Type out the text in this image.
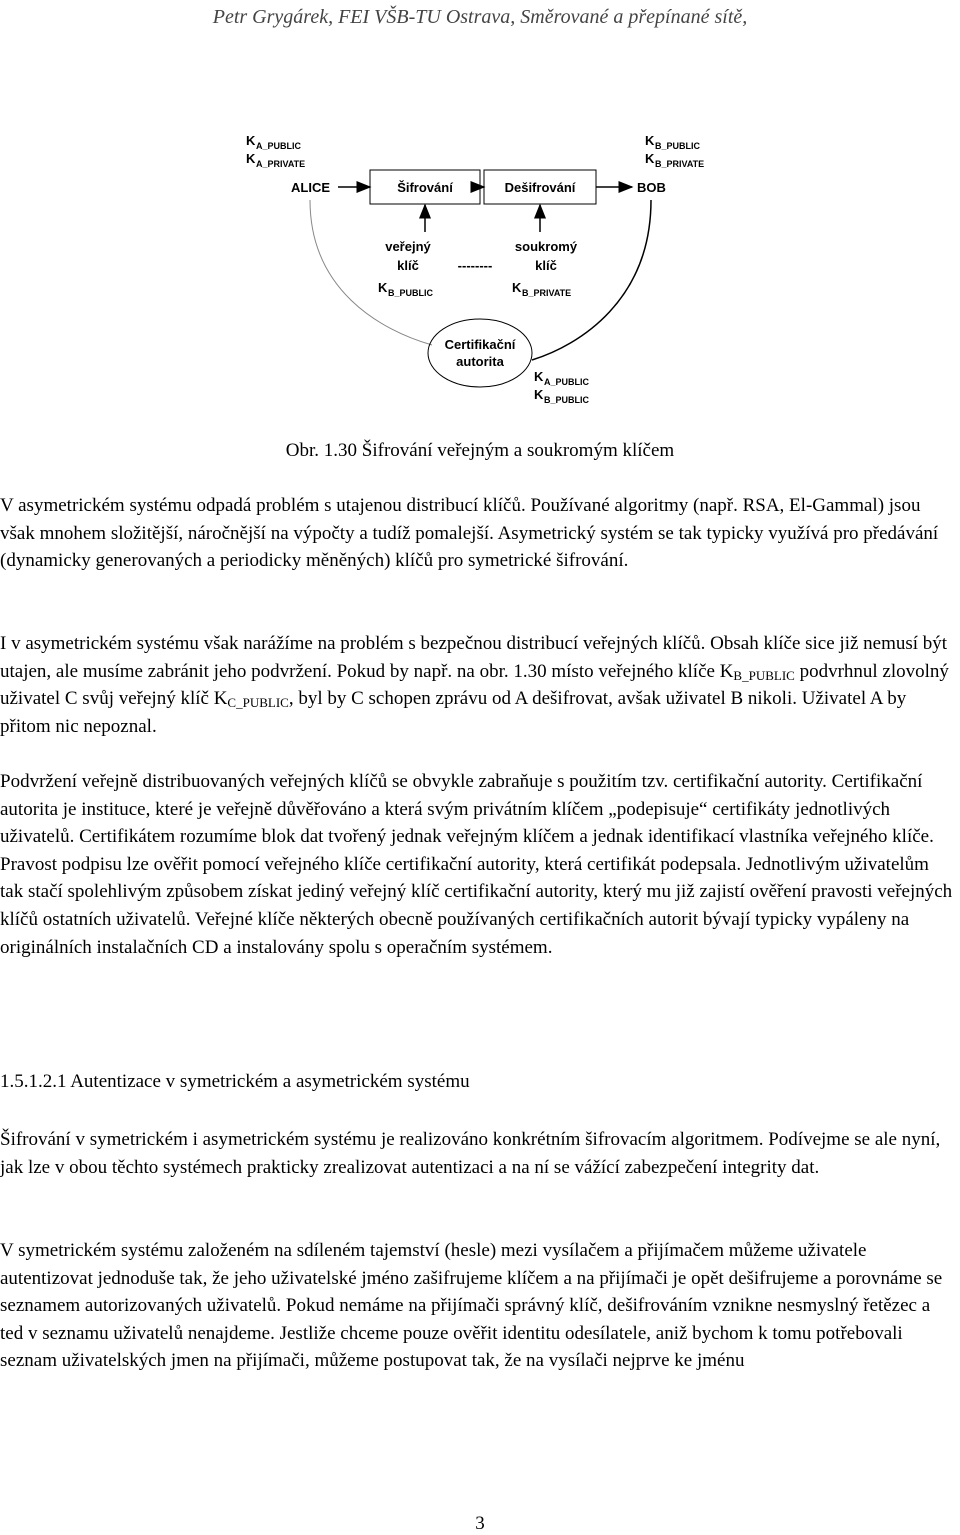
Petr Grygárek, FEI VŠB-TU Ostrava, Směrované a přepínané sítě,
K A_PUBLIC
K A_PRIVATE
K B_PUBLIC
K B_PRIVATE
ALICE	Šifrování	Dešifrování	BOB
veřejný
klíč
K B_PUBLIC
--------
soukromý
klíč
K B_PRIVATE
Certifikační
autorita
K A_PUBLIC
K B_PUBLIC
Obr. 1.30 Šifrování veřejným a soukromým klíčem

V asymetrickém systému odpadá problém s utajenou distribucí klíčů. Používané algoritmy (např. RSA, El-Gammal) jsou však mnohem složitější, náročnější na výpočty a tudíž pomalejší. Asymetrický systém se tak typicky využívá pro předávání (dynamicky generovaných a periodicky měněných) klíčů pro symetrické šifrování.

I v asymetrickém systému však narážíme na problém s bezpečnou distribucí veřejných klíčů. Obsah klíče sice již nemusí být utajen, ale musíme zabránit jeho podvržení. Pokud by např. na obr. 1.30 místo veřejného klíče $K_{B\_PUBLIC}$ podvrhnul zlovolný uživatel C svůj veřejný klíč $K_{C\_PUBLIC}$, byl by C schopen zprávu od A dešifrovat, avšak uživatel B nikoli. Uživatel A by přitom nic nepoznal.

Podvržení veřejně distribuovaných veřejných klíčů se obvykle zabraňuje s použitím tzv. certifikační autority. Certifikační autorita je instituce, které je veřejně důvěřováno a která svým privátním klíčem „podepisuje“ certifikáty jednotlivých uživatelů. Certifikátem rozumíme blok dat tvořený jednak veřejným klíčem a jednak identifikací vlastníka veřejného klíče. Pravost podpisu lze ověřit pomocí veřejného klíče certifikační autority, která certifikát podepsala. Jednotlivým uživatelům tak stačí spolehlivým způsobem získat jediný veřejný klíč certifikační autority, který mu již zajistí ověření pravosti veřejných klíčů ostatních uživatelů. Veřejné klíče některých obecně používaných certifikačních autorit bývají typicky vypáleny na originálních instalačních CD a instalovány spolu s operačním systémem.

1.5.1.2.1 Autentizace v symetrickém a asymetrickém systému

Šifrování v symetrickém i asymetrickém systému je realizováno konkrétním šifrovacím algoritmem. Podívejme se ale nyní, jak lze v obou těchto systémech prakticky zrealizovat autentizaci a na ní se vážící zabezpečení integrity dat.

V symetrickém systému založeném na sdíleném tajemství (hesle) mezi vysílačem a přijímačem můžeme uživatele autentizovat jednoduše tak, že jeho uživatelské jméno zašifrujeme klíčem a na přijímači je opět dešifrujeme a porovnáme se seznamem autorizovaných uživatelů. Pokud nemáme na přijímači správný klíč, dešifrováním vznikne nesmyslný řetězec a ted v seznamu uživatelů nenajdeme. Jestliže chceme pouze ověřit identitu odesílatele, aniž bychom k tomu potřebovali seznam uživatelských jmen na přijímači, můžeme postupovat tak, že na vysílači nejprve ke jménu

3
